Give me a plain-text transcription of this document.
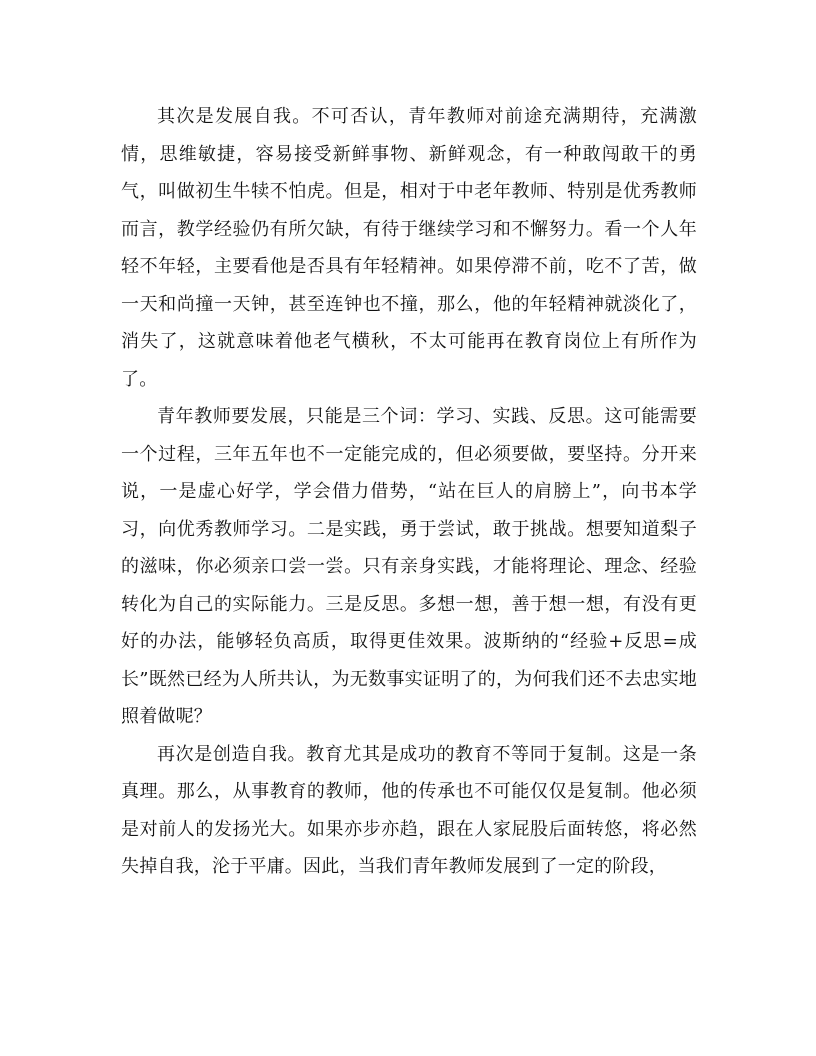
其次是发展自我。不可否认，青年教师对前途充满期待，充满激情，思维敏捷，容易接受新鲜事物、新鲜观念，有一种敢闯敢干的勇气，叫做初生牛犊不怕虎。但是，相对于中老年教师、特别是优秀教师而言，教学经验仍有所欠缺，有待于继续学习和不懈努力。看一个人年轻不年轻，主要看他是否具有年轻精神。如果停滞不前，吃不了苦，做一天和尚撞一天钟，甚至连钟也不撞，那么，他的年轻精神就淡化了，消失了，这就意味着他老气横秋，不太可能再在教育岗位上有所作为了。

青年教师要发展，只能是三个词：学习、实践、反思。这可能需要一个过程，三年五年也不一定能完成的，但必须要做，要坚持。分开来说，一是虚心好学，学会借力借势，“站在巨人的肩膀上”，向书本学习，向优秀教师学习。二是实践，勇于尝试，敢于挑战。想要知道梨子的滋味，你必须亲口尝一尝。只有亲身实践，才能将理论、理念、经验转化为自己的实际能力。三是反思。多想一想，善于想一想，有没有更好的办法，能够轻负高质，取得更佳效果。波斯纳的“经验+反思=成长”既然已经为人所共认，为无数事实证明了的，为何我们还不去忠实地照着做呢？

再次是创造自我。教育尤其是成功的教育不等同于复制。这是一条真理。那么，从事教育的教师，他的传承也不可能仅仅是复制。他必须是对前人的发扬光大。如果亦步亦趋，跟在人家屁股后面转悠，将必然失掉自我，沦于平庸。因此，当我们青年教师发展到了一定的阶段，
